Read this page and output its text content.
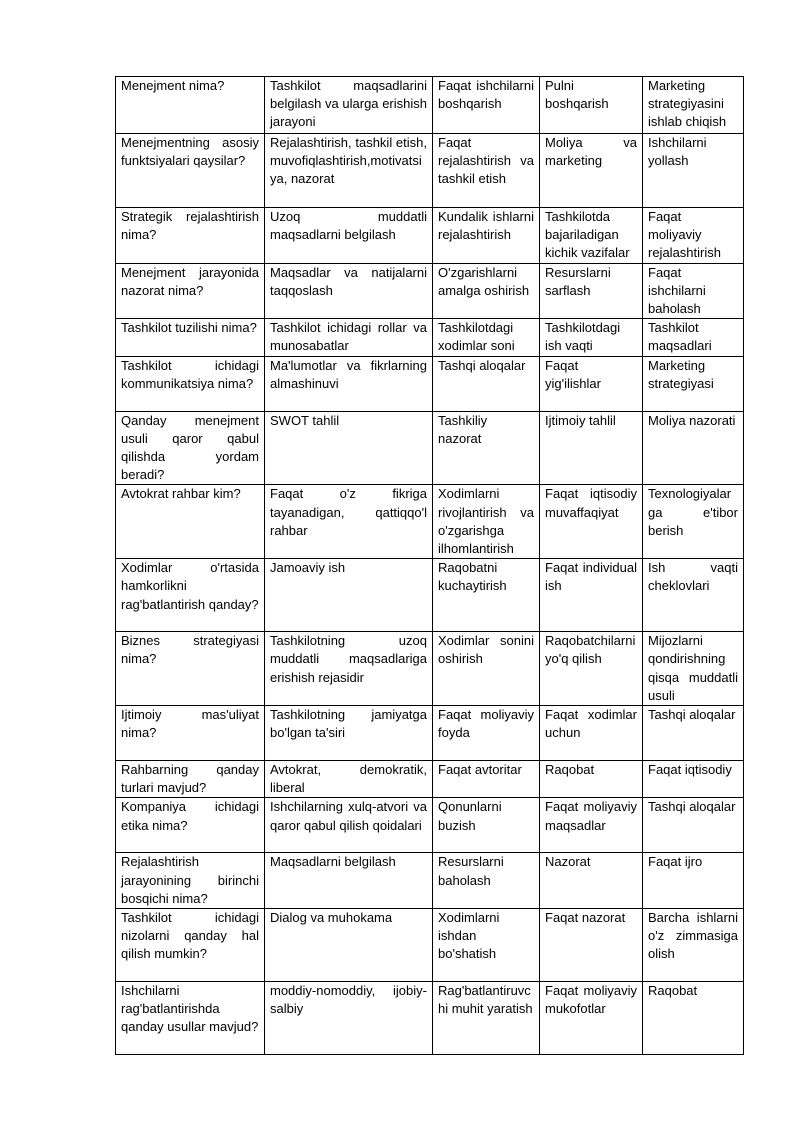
Menejment nima?	Tashkilot maqsadlarini belgilash va ularga erishish jarayoni	Faqat ishchilarni boshqarish	Pulni boshqarish	Marketing strategiyasini ishlab chiqish
Menejmentning asosiy funktsiyalari qaysilar?	Rejalashtirish, tashkil etish, muvofiqlashtirish,motivatsiya, nazorat	Faqat rejalashtirish va tashkil etish	Moliya va marketing	Ishchilarni yollash
Strategik rejalashtirish nima?	Uzoq muddatli maqsadlarni belgilash	Kundalik ishlarni rejalashtirish	Tashkilotda bajariladigan kichik vazifalar	Faqat moliyaviy rejalashtirish
Menejment jarayonida nazorat nima?	Maqsadlar va natijalarni taqqoslash	O'zgarishlarni amalga oshirish	Resurslarni sarflash	Faqat ishchilarni baholash
Tashkilot tuzilishi nima?	Tashkilot ichidagi rollar va munosabatlar	Tashkilotdagi xodimlar soni	Tashkilotdagi ish vaqti	Tashkilot maqsadlari
Tashkilot ichidagi kommunikatsiya nima?	Ma'lumotlar va fikrlarning almashinuvi	Tashqi aloqalar	Faqat yig'ilishlar	Marketing strategiyasi
Qanday menejment usuli qaror qabul qilishda yordam beradi?	SWOT tahlil	Tashkiliy nazorat	Ijtimoiy tahlil	Moliya nazorati
Avtokrat rahbar kim?	Faqat o'z fikriga tayanadigan, qattiqqo'l rahbar	Xodimlarni rivojlantirish va o'zgarishga ilhomlantirish	Faqat iqtisodiy muvaffaqiyat	Texnologiyalarga e'tibor berish
Xodimlar o'rtasida hamkorlikni rag'batlantirish qanday?	Jamoaviy ish	Raqobatni kuchaytirish	Faqat individual ish	Ish vaqti cheklovlari
Biznes strategiyasi nima?	Tashkilotning uzoq muddatli maqsadlariga erishish rejasidir	Xodimlar sonini oshirish	Raqobatchilarni yo'q qilish	Mijozlarni qondirishning qisqa muddatli usuli
Ijtimoiy mas'uliyat nima?	Tashkilotning jamiyatga bo'lgan ta'siri	Faqat moliyaviy foyda	Faqat xodimlar uchun	Tashqi aloqalar
Rahbarning qanday turlari mavjud?	Avtokrat, demokratik, liberal	Faqat avtoritar	Raqobat	Faqat iqtisodiy
Kompaniya ichidagi etika nima?	Ishchilarning xulq-atvori va qaror qabul qilish qoidalari	Qonunlarni buzish	Faqat moliyaviy maqsadlar	Tashqi aloqalar
Rejalashtirish jarayonining birinchi bosqichi nima?	Maqsadlarni belgilash	Resurslarni baholash	Nazorat	Faqat ijro
Tashkilot ichidagi nizolarni qanday hal qilish mumkin?	Dialog va muhokama	Xodimlarni ishdan bo'shatish	Faqat nazorat	Barcha ishlarni o'z zimmasiga olish
Ishchilarni rag'batlantirishda qanday usullar mavjud?	moddiy-nomoddiy, ijobiy-salbiy	Rag'batlantiruvchi muhit yaratish	Faqat moliyaviy mukofotlar	Raqobat
